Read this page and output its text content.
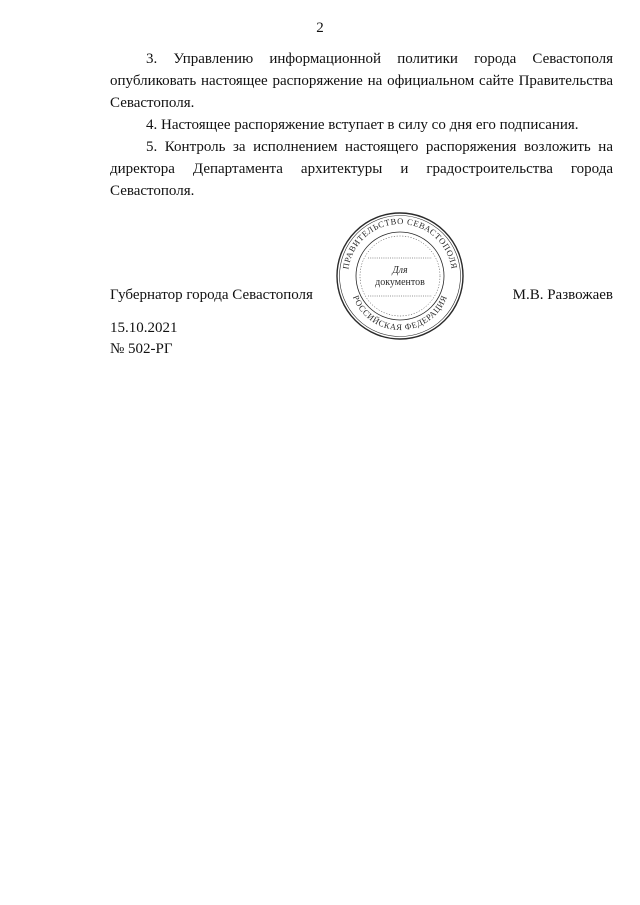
2

3. Управлению информационной политики города Севастополя опубликовать настоящее распоряжение на официальном сайте Правительства Севастополя.

4. Настоящее распоряжение вступает в силу со дня его подписания.

5. Контроль за исполнением настоящего распоряжения возложить на директора Департамента архитектуры и градостроительства города Севастополя.

Губернатор города Севастополя	М.В. Развожаев
ПРАВИТЕЛЬСТВО СЕВАСТОПОЛЯ
РОССИЙСКАЯ ФЕДЕРАЦИЯ
Для
документов
15.10.2021
№ 502-РГ
